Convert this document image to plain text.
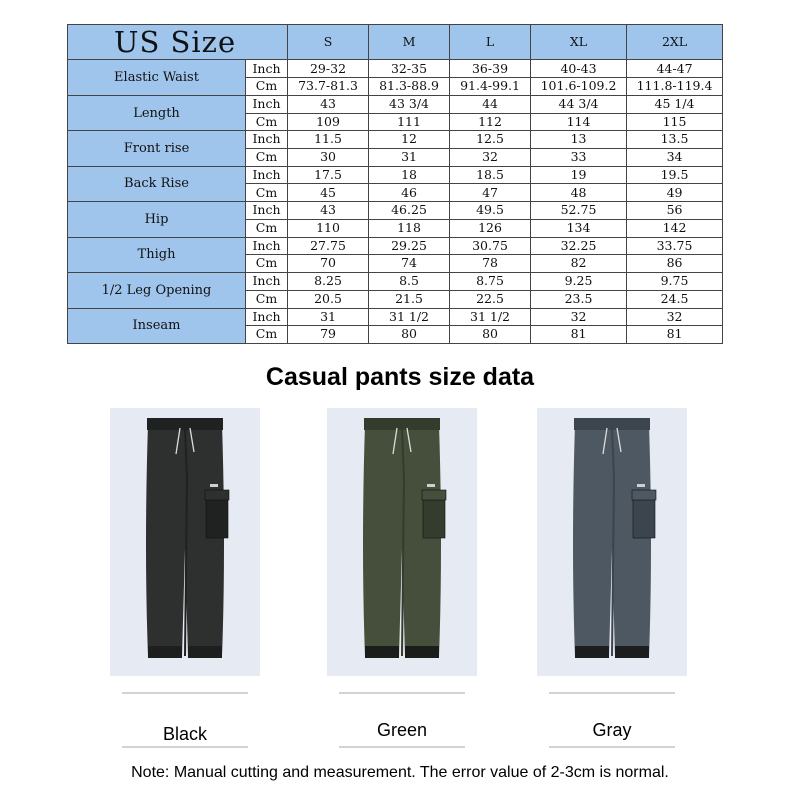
US Size		S	M	L	XL	2XL
Elastic Waist	Inch	29-32	32-35	36-39	40-43	44-47
	Cm	73.7-81.3	81.3-88.9	91.4-99.1	101.6-109.2	111.8-119.4
Length	Inch	43	43 3/4	44	44 3/4	45 1/4
	Cm	109	111	112	114	115
Front rise	Inch	11.5	12	12.5	13	13.5
	Cm	30	31	32	33	34
Back Rise	Inch	17.5	18	18.5	19	19.5
	Cm	45	46	47	48	49
Hip	Inch	43	46.25	49.5	52.75	56
	Cm	110	118	126	134	142
Thigh	Inch	27.75	29.25	30.75	32.25	33.75
	Cm	70	74	78	82	86
1/2 Leg Opening	Inch	8.25	8.5	8.75	9.25	9.75
	Cm	20.5	21.5	22.5	23.5	24.5
Inseam	Inch	31	31 1/2	31 1/2	32	32
	Cm	79	80	80	81	81
Casual pants size data
Black	Green	Gray
Note: Manual cutting and measurement. The error value of 2-3cm is normal.
